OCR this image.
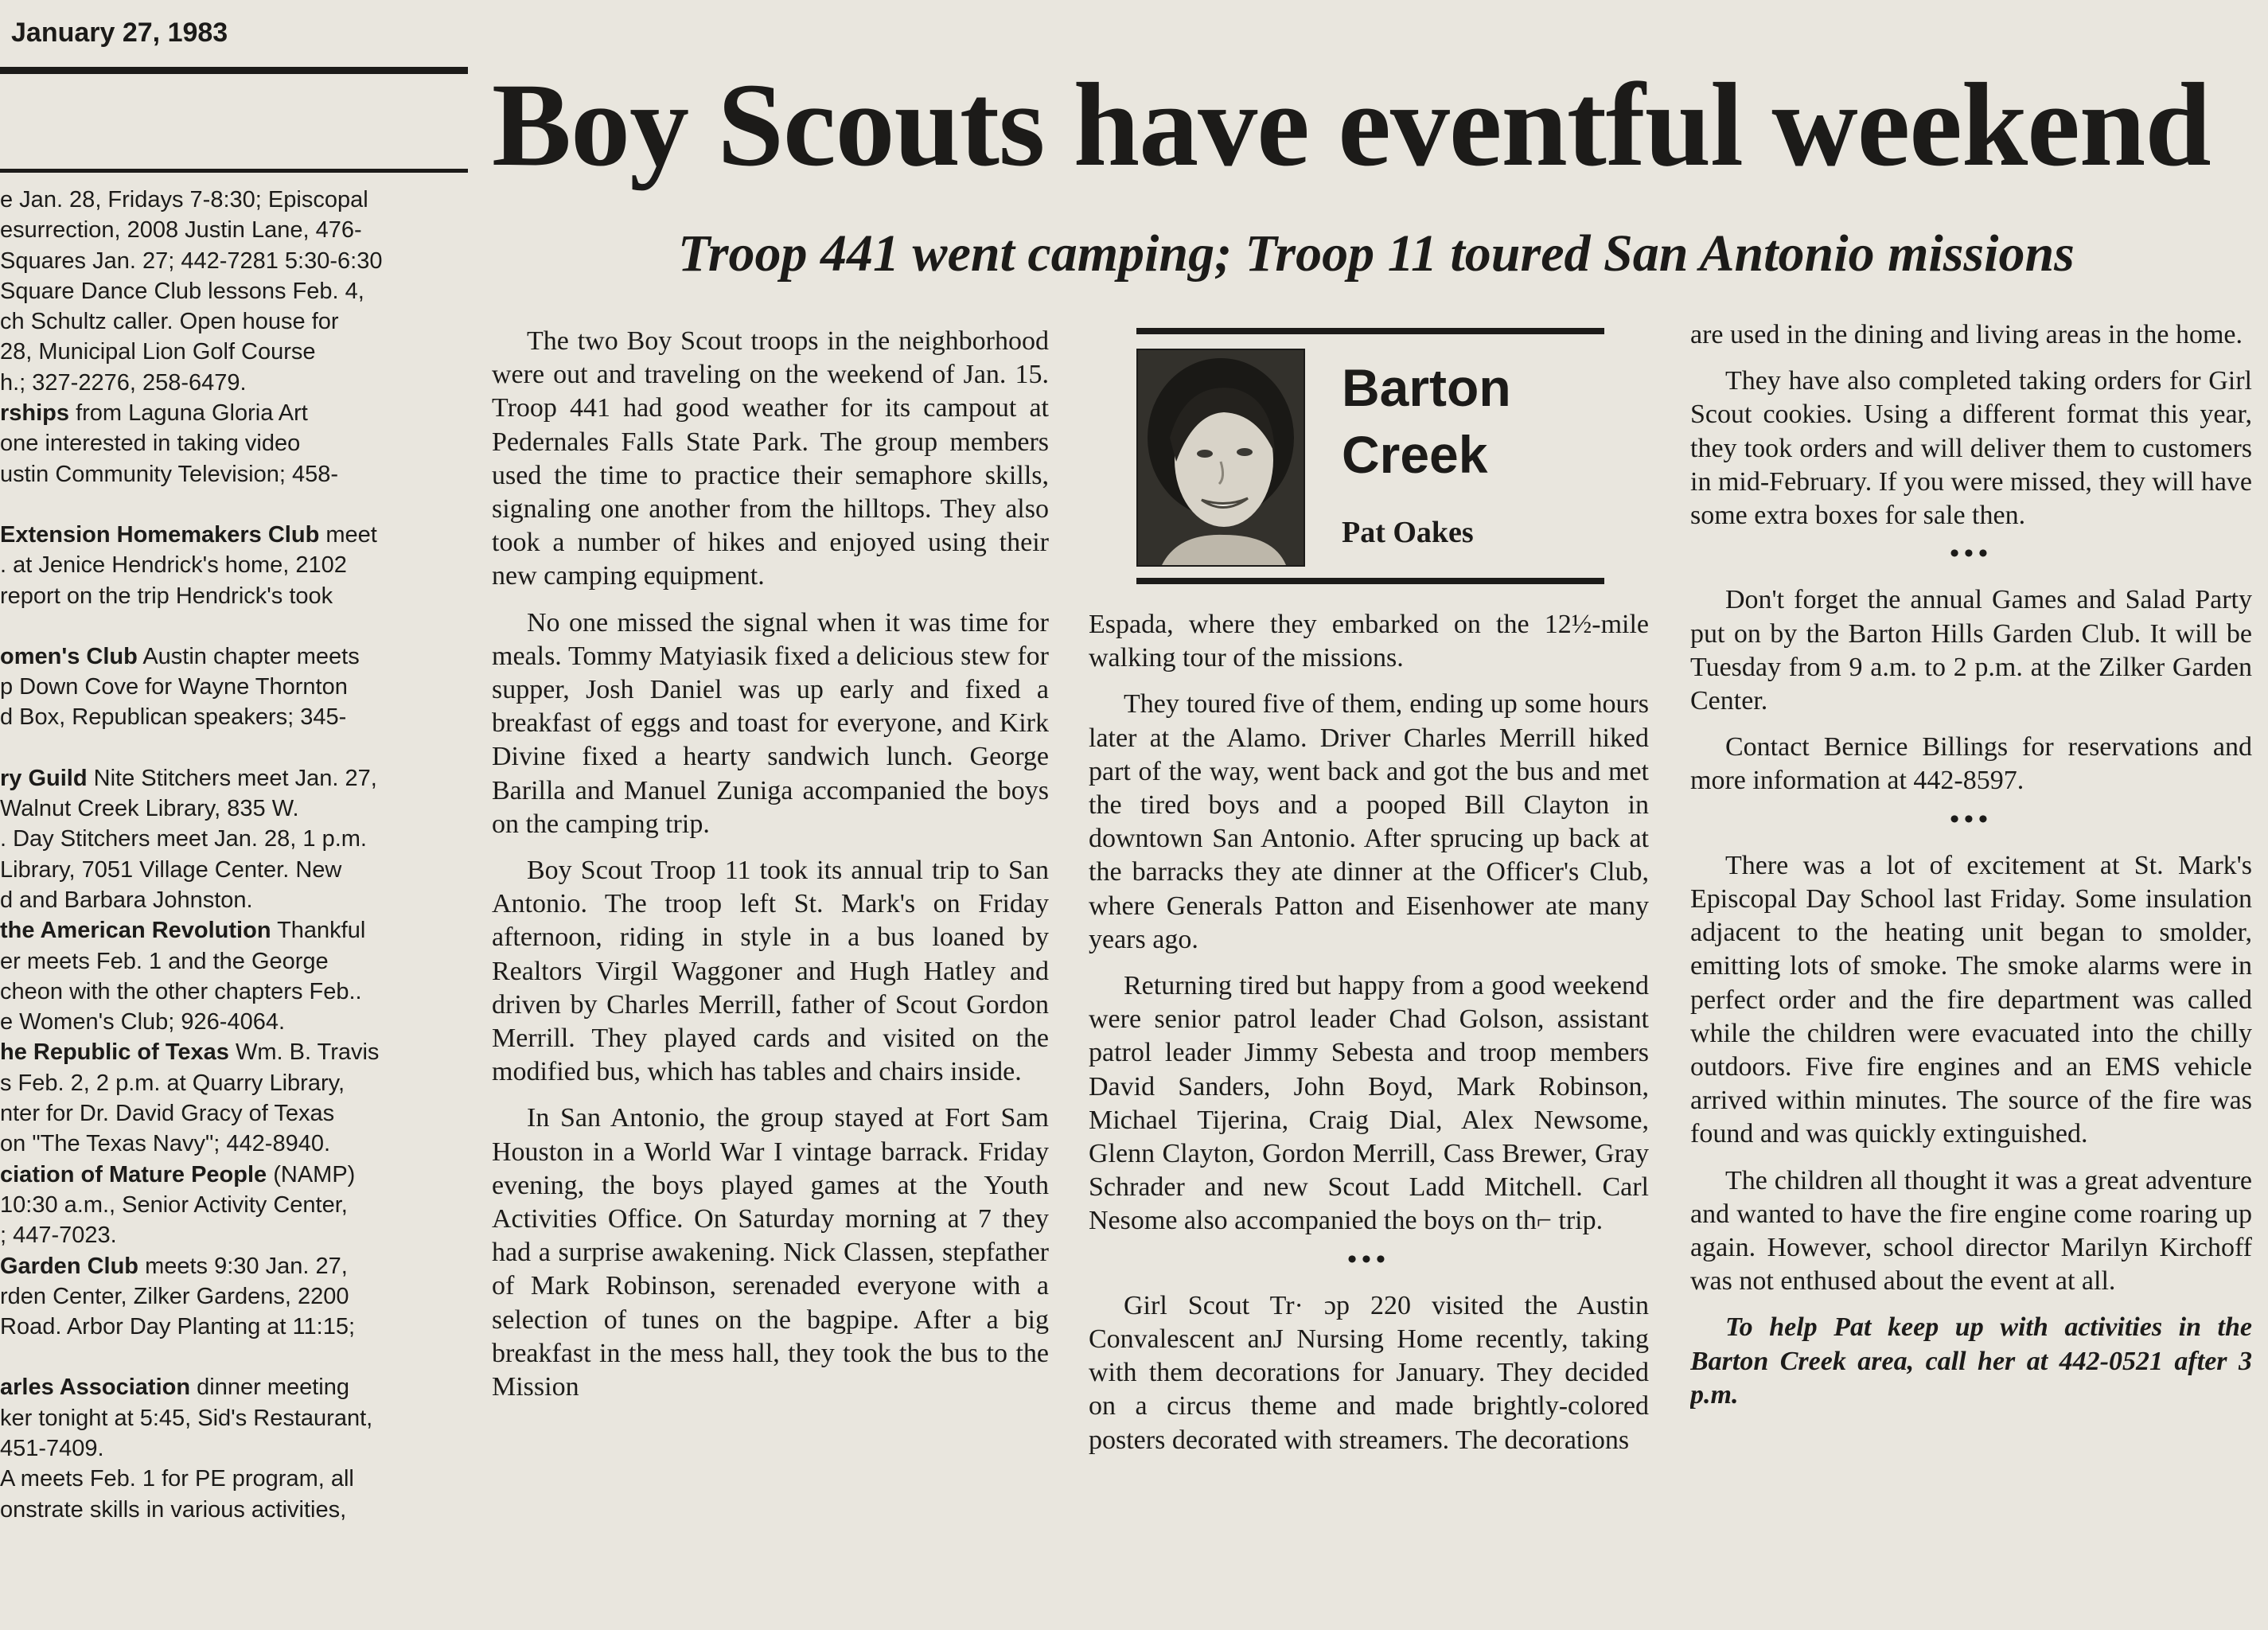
January 27, 1983

e Jan. 28, Fridays 7-8:30; Episcopal

esurrection, 2008 Justin Lane, 476-

Squares Jan. 27; 442-7281 5:30-6:30

Square Dance Club lessons Feb. 4,

ch Schultz caller. Open house for

28, Municipal Lion Golf Course

h.; 327-2276, 258-6479.

rships from Laguna Gloria Art

one interested in taking video

ustin Community Television; 458-

Extension Homemakers Club meet

. at Jenice Hendrick's home, 2102

report on the trip Hendrick's took

omen's Club Austin chapter meets

p Down Cove for Wayne Thornton

d Box, Republican speakers; 345-

ry Guild Nite Stitchers meet Jan. 27,

Walnut Creek Library, 835 W.

. Day Stitchers meet Jan. 28, 1 p.m.

Library, 7051 Village Center. New

d and Barbara Johnston.

the American Revolution Thankful

er meets Feb. 1 and the George

cheon with the other chapters Feb..

e Women's Club; 926-4064.

he Republic of Texas Wm. B. Travis

s Feb. 2, 2 p.m. at Quarry Library,

nter for Dr. David Gracy of Texas

on "The Texas Navy"; 442-8940.

ciation of Mature People (NAMP)

10:30 a.m., Senior Activity Center,

; 447-7023.

Garden Club meets 9:30 Jan. 27,

rden Center, Zilker Gardens, 2200

Road. Arbor Day Planting at 11:15;

arles Association dinner meeting

ker tonight at 5:45, Sid's Restaurant,

451-7409.

A meets Feb. 1 for PE program, all

onstrate skills in various activities,

Boy Scouts have eventful weekend
Troop 441 went camping; Troop 11 toured San Antonio missions

The two Boy Scout troops in the neighborhood were out and traveling on the weekend of Jan. 15. Troop 441 had good weather for its campout at Pedernales Falls State Park. The group members used the time to practice their semaphore skills, signaling one another from the hilltops. They also took a number of hikes and enjoyed using their new camping equipment.

No one missed the signal when it was time for meals. Tommy Matyiasik fixed a delicious stew for supper, Josh Daniel was up early and fixed a breakfast of eggs and toast for everyone, and Kirk Divine fixed a hearty sandwich lunch. George Barilla and Manuel Zuniga accompanied the boys on the camping trip.

Boy Scout Troop 11 took its annual trip to San Antonio. The troop left St. Mark's on Friday afternoon, riding in style in a bus loaned by Realtors Virgil Waggoner and Hugh Hatley and driven by Charles Merrill, father of Scout Gordon Merrill. They played cards and visited on the modified bus, which has tables and chairs inside.

In San Antonio, the group stayed at Fort Sam Houston in a World War I vintage barrack. Friday evening, the boys played games at the Youth Activities Office. On Saturday morning at 7 they had a surprise awakening. Nick Classen, stepfather of Mark Robinson, serenaded everyone with a selection of tunes on the bagpipe. After a big breakfast in the mess hall, they took the bus to the Mission

Barton
Creek
Pat Oakes

Espada, where they embarked on the 12½-mile walking tour of the missions.

They toured five of them, ending up some hours later at the Alamo. Driver Charles Merrill hiked part of the way, went back and got the bus and met the tired boys and a pooped Bill Clayton in downtown San Antonio. After sprucing up back at the barracks they ate dinner at the Officer's Club, where Generals Patton and Eisenhower ate many years ago.

Returning tired but happy from a good weekend were senior patrol leader Chad Golson, assistant patrol leader Jimmy Sebesta and troop members David Sanders, John Boyd, Mark Robinson, Michael Tijerina, Craig Dial, Alex Newsome, Glenn Clayton, Gordon Merrill, Cass Brewer, Gray Schrader and new Scout Ladd Mitchell. Carl Nesome also accompanied the boys on th⌐ trip.

•••

Girl Scout Tr· ɔp 220 visited the Austin Convalescent anJ Nursing Home recently, taking with them decorations for January. They decided on a circus theme and made brightly-colored posters decorated with streamers. The decorations

are used in the dining and living areas in the home.

They have also completed taking orders for Girl Scout cookies. Using a different format this year, they took orders and will deliver them to customers in mid-February. If you were missed, they will have some extra boxes for sale then.

•••

Don't forget the annual Games and Salad Party put on by the Barton Hills Garden Club. It will be Tuesday from 9 a.m. to 2 p.m. at the Zilker Garden Center.

Contact Bernice Billings for reservations and more information at 442-8597.

•••

There was a lot of excitement at St. Mark's Episcopal Day School last Friday. Some insulation adjacent to the heating unit began to smolder, emitting lots of smoke. The smoke alarms were in perfect order and the fire department was called while the children were evacuated into the chilly outdoors. Five fire engines and an EMS vehicle arrived within minutes. The source of the fire was found and was quickly extinguished.

The children all thought it was a great adventure and wanted to have the fire engine come roaring up again. However, school director Marilyn Kirchoff was not enthused about the event at all.

To help Pat keep up with activities in the Barton Creek area, call her at 442-0521 after 3 p.m.
